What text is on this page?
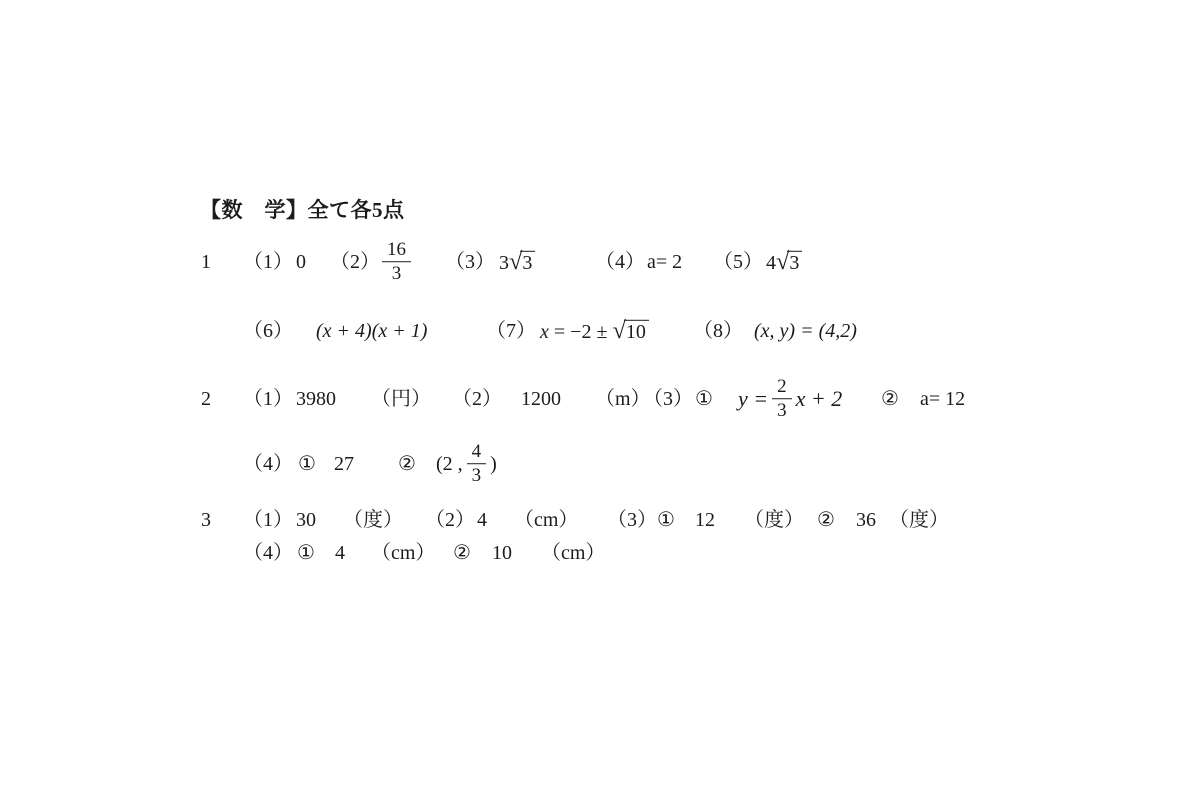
【数　学】全て各5点
1 （1） 0 $(2) \frac{16}{3} (3)$ 3√3	（4） a= 2 （5） 4√3
（6） (x + 4)(x + 1)	（7） x = −2 ± √10 （8） (x, y) = (4,2)
2 （1） 3980 （円） （2） 1200 （m）
（3） ① $y = \frac{2}{3}$ x + 2 ② a= 12
（4） ① 27 ② (2 , $\frac{4}{3}$ )
3 （1） 30 （度） （2） 4 （cm） （3） ① 12 （度） ② 36 （度）
（4） ① 4 （cm） ② 10 （cm）
